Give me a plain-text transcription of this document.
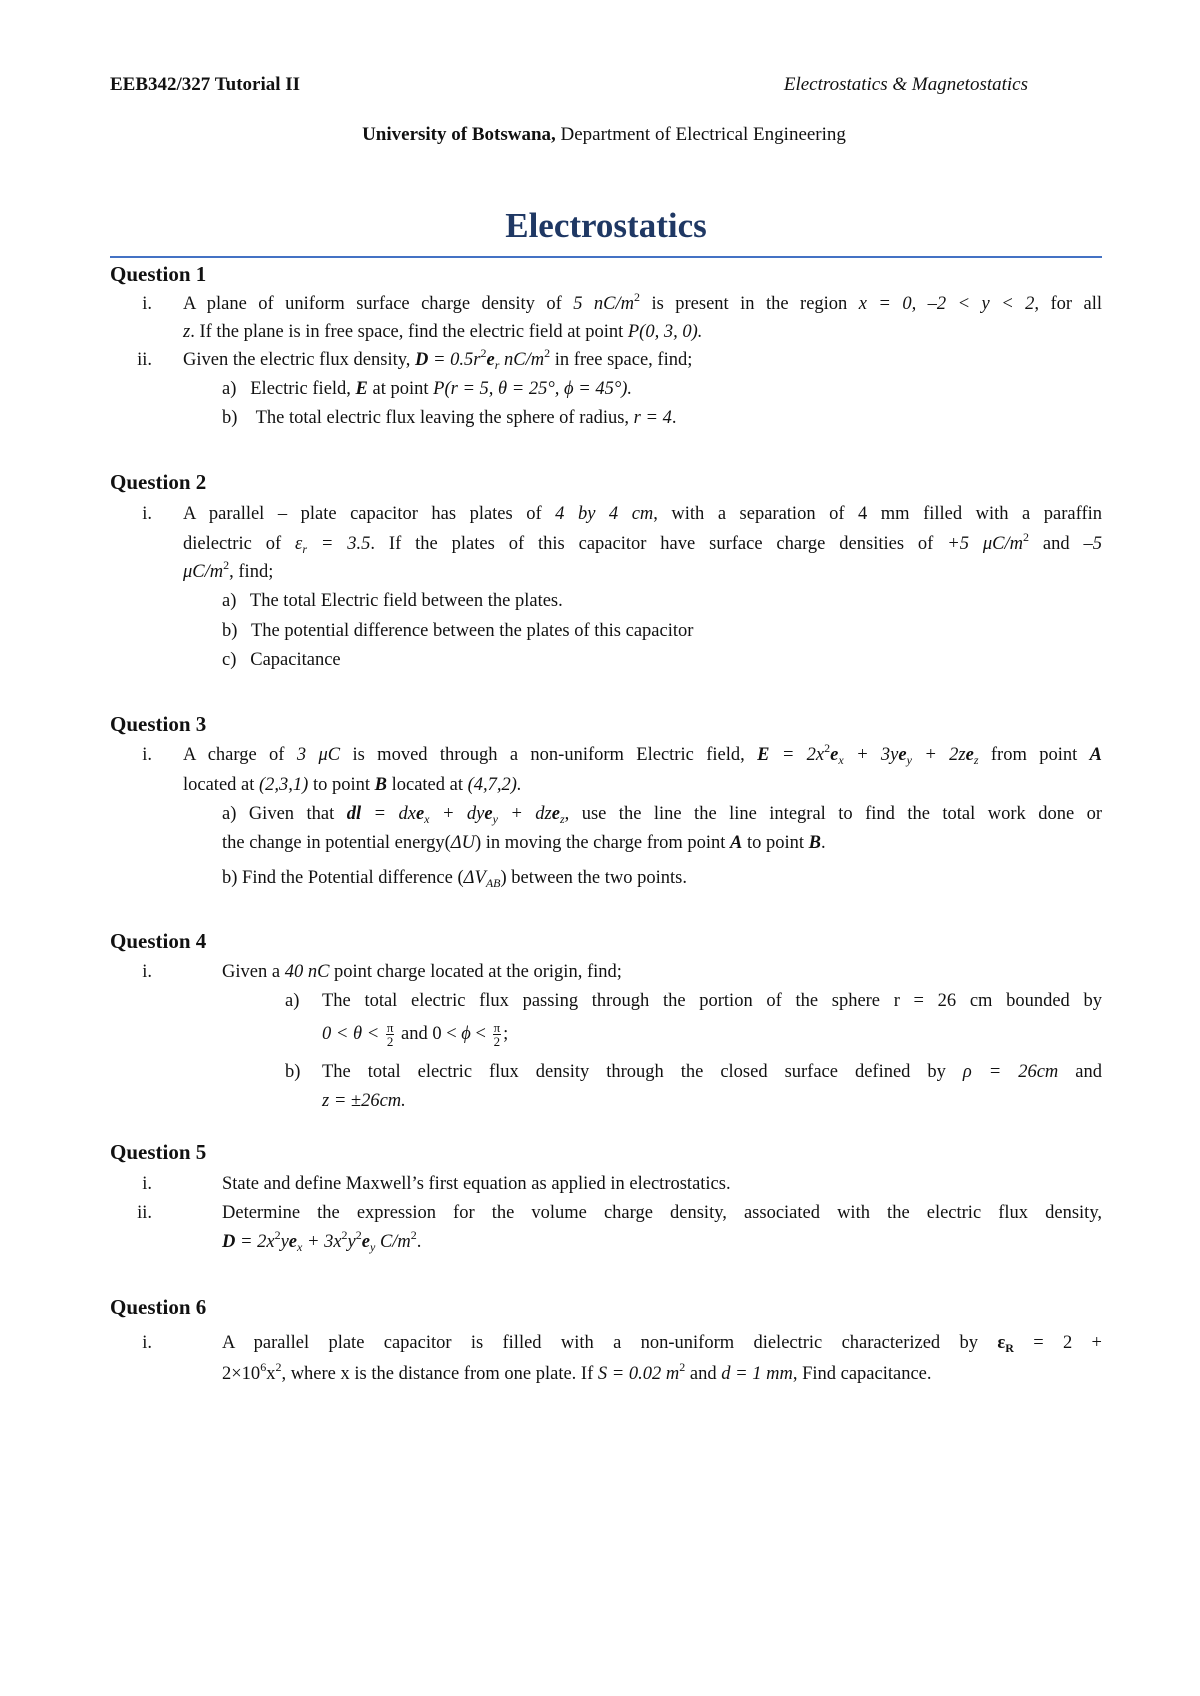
EEB342/327 Tutorial II	Electrostatics & Magnetostatics
University of Botswana, Department of Electrical Engineering
Electrostatics
Question 1
i. A plane of uniform surface charge density of 5 $nC/m^2$ is present in the region x = 0, –2 < y < 2, for all
z. If the plane is in free space, find the electric field at point P(0, 3, 0).
ii. Given the electric flux density, $D = 0.5r^2e_r$ $nC/m^2$ in free space, find;
a)   Electric field, E at point P(r = 5, θ = 25°, ϕ = 45°).
b)    The total electric flux leaving the sphere of radius, r = 4.
Question 2
i. A parallel – plate capacitor has plates of 4 by 4 cm, with a separation of 4 mm filled with a paraffin
dielectric of $\varepsilon_r = 3.5$. If the plates of this capacitor have surface charge densities of +5 $\mu C/m^2$ and –5
$\mu C/m^2$, find;
a) The total Electric field between the plates.
b) The potential difference between the plates of this capacitor
c) Capacitance
Question 3
i. A charge of 3 μC is moved through a non-uniform Electric field, $E = 2x^2e_x + 3ye_y + 2ze_z$ from point A
located at (2,3,1) to point B located at (4,7,2).
a) Given that dl = dxe$_x$ + dye$_y$ + dze$_z$, use the line the line integral to find the total work done or
the change in potential energy(ΔU) in moving the charge from point A to point B.
b) Find the Potential difference $(\Delta V_{AB})$ between the two points.
Question 4
i.	Given a 40 nC point charge located at the origin, find;
a) The total electric flux passing through the portion of the sphere r = 26 cm bounded by
$0 < \theta < \frac{\pi}{2}$ and $0 < \phi < \frac{\pi}{2}$ ;
b) The total electric flux density through the closed surface defined by ρ = 26cm and
z = ±26cm.
Question 5
i.	State and define Maxwell’s first equation as applied in electrostatics.
ii.	Determine the expression for the volume charge density, associated with the electric flux density,
$D = 2x^2ye_x + 3x^2y^2e_y$ $C/m^2$.
Question 6
i.	A parallel plate capacitor is filled with a non-uniform dielectric characterized by $\varepsilon_R = 2$ +
$2\times 10^6x^2$, where x is the distance from one plate. If S = 0.02 $m^2$ and d = 1 mm, Find capacitance.
